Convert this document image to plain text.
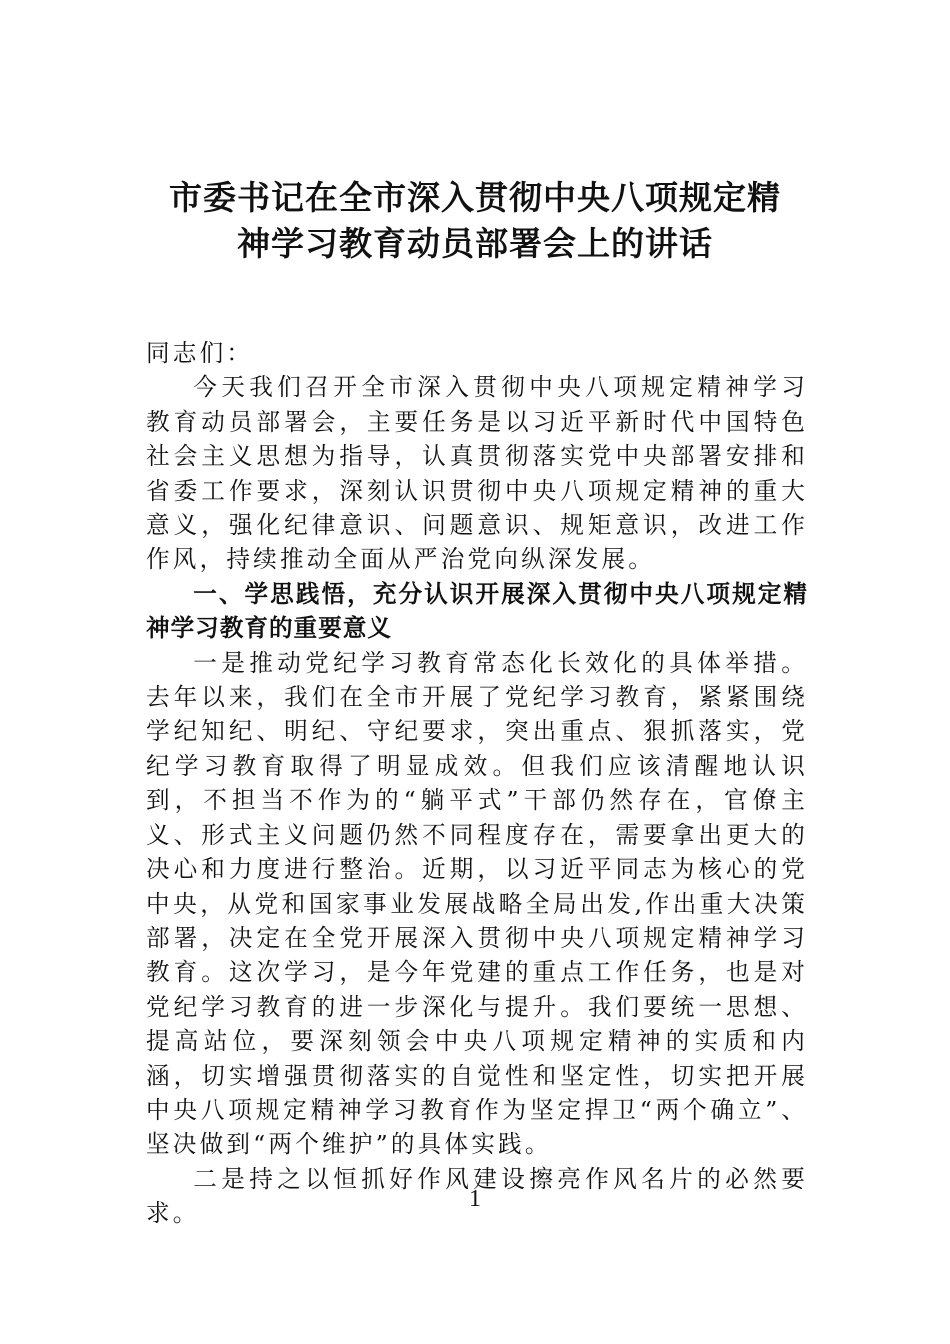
市委书记在全市深入贯彻中央八项规定精
神学习教育动员部署会上的讲话

同志们：

今天我们召开全市深入贯彻中央八项规定精神学习教育动员部署会，主要任务是以习近平新时代中国特色社会主义思想为指导，认真贯彻落实党中央部署安排和省委工作要求，深刻认识贯彻中央八项规定精神的重大意义，强化纪律意识、问题意识、规矩意识，改进工作作风，持续推动全面从严治党向纵深发展。

一、学思践悟，充分认识开展深入贯彻中央八项规定精神学习教育的重要意义

一是推动党纪学习教育常态化长效化的具体举措。去年以来，我们在全市开展了党纪学习教育，紧紧围绕学纪知纪、明纪、守纪要求，突出重点、狠抓落实，党纪学习教育取得了明显成效。但我们应该清醒地认识到，不担当不作为的“躺平式”干部仍然存在，官僚主义、形式主义问题仍然不同程度存在，需要拿出更大的决心和力度进行整治。近期，以习近平同志为核心的党中央，从党和国家事业发展战略全局出发,作出重大决策部署，决定在全党开展深入贯彻中央八项规定精神学习教育。这次学习，是今年党建的重点工作任务，也是对党纪学习教育的进一步深化与提升。我们要统一思想、提高站位，要深刻领会中央八项规定精神的实质和内涵，切实增强贯彻落实的自觉性和坚定性，切实把开展中央八项规定精神学习教育作为坚定捍卫“两个确立”、坚决做到“两个维护”的具体实践。

二是持之以恒抓好作风建设擦亮作风名片的必然要求。

1
